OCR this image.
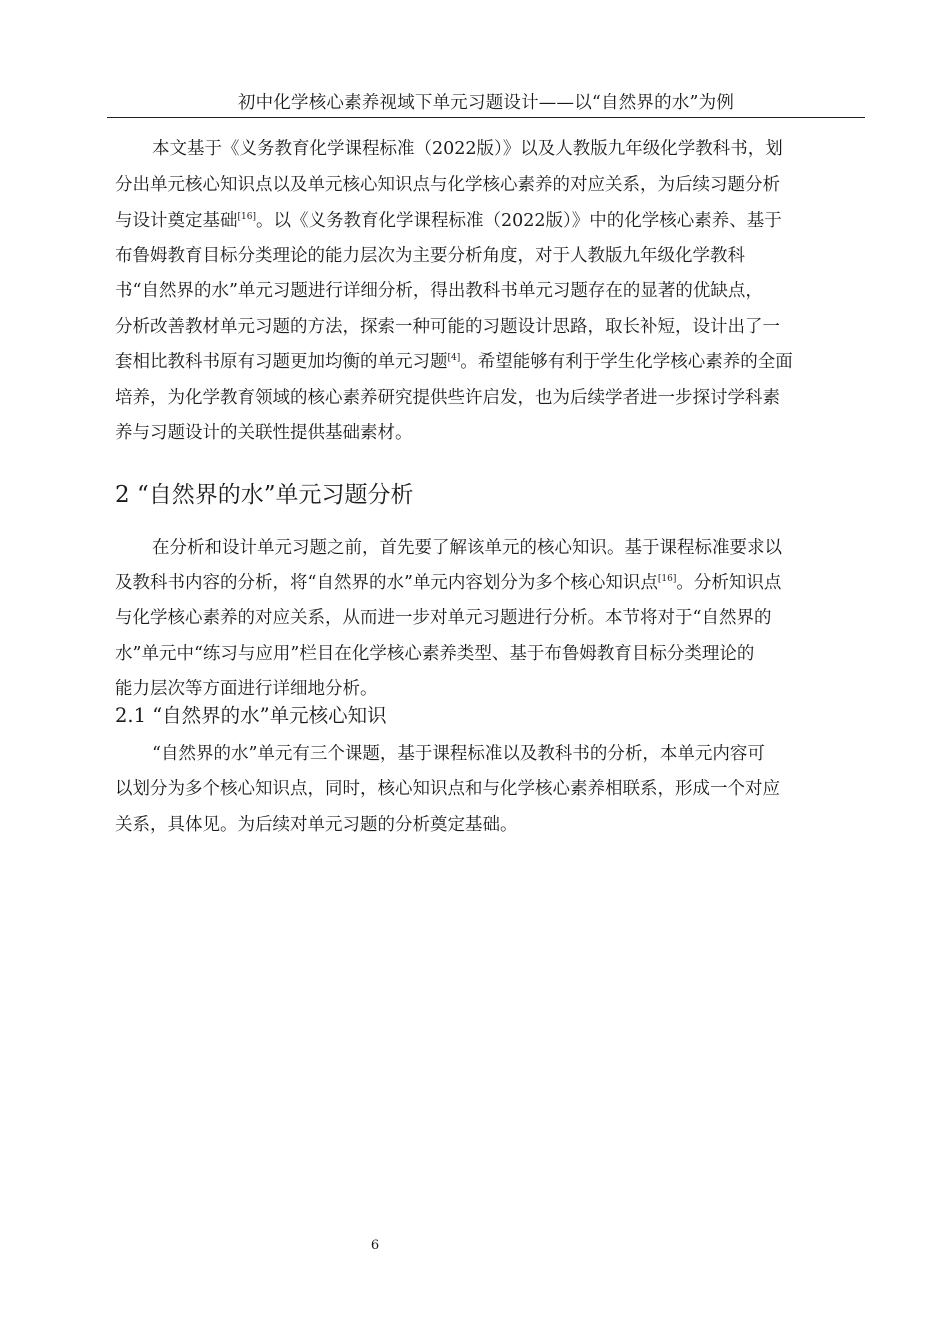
初中化学核心素养视域下单元习题设计——以“自然界的水”为例
本文基于《义务教育化学课程标准（2022版）》以及人教版九年级化学教科书，划
分出单元核心知识点以及单元核心知识点与化学核心素养的对应关系，为后续习题分析
与设计奠定基础[16]。以《义务教育化学课程标准（2022版）》中的化学核心素养、基于
布鲁姆教育目标分类理论的能力层次为主要分析角度，对于人教版九年级化学教科
书“自然界的水”单元习题进行详细分析，得出教科书单元习题存在的显著的优缺点，
分析改善教材单元习题的方法，探索一种可能的习题设计思路，取长补短，设计出了一
套相比教科书原有习题更加均衡的单元习题[4]。希望能够有利于学生化学核心素养的全面
培养，为化学教育领域的核心素养研究提供些许启发，也为后续学者进一步探讨学科素
养与习题设计的关联性提供基础素材。
2 “自然界的水”单元习题分析
在分析和设计单元习题之前，首先要了解该单元的核心知识。基于课程标准要求以
及教科书内容的分析，将“自然界的水”单元内容划分为多个核心知识点[16]。分析知识点
与化学核心素养的对应关系，从而进一步对单元习题进行分析。本节将对于“自然界的
水”单元中“练习与应用”栏目在化学核心素养类型、基于布鲁姆教育目标分类理论的
能力层次等方面进行详细地分析。
2.1 “自然界的水”单元核心知识
“自然界的水”单元有三个课题，基于课程标准以及教科书的分析，本单元内容可
以划分为多个核心知识点，同时，核心知识点和与化学核心素养相联系，形成一个对应
关系，具体见。为后续对单元习题的分析奠定基础。
6
